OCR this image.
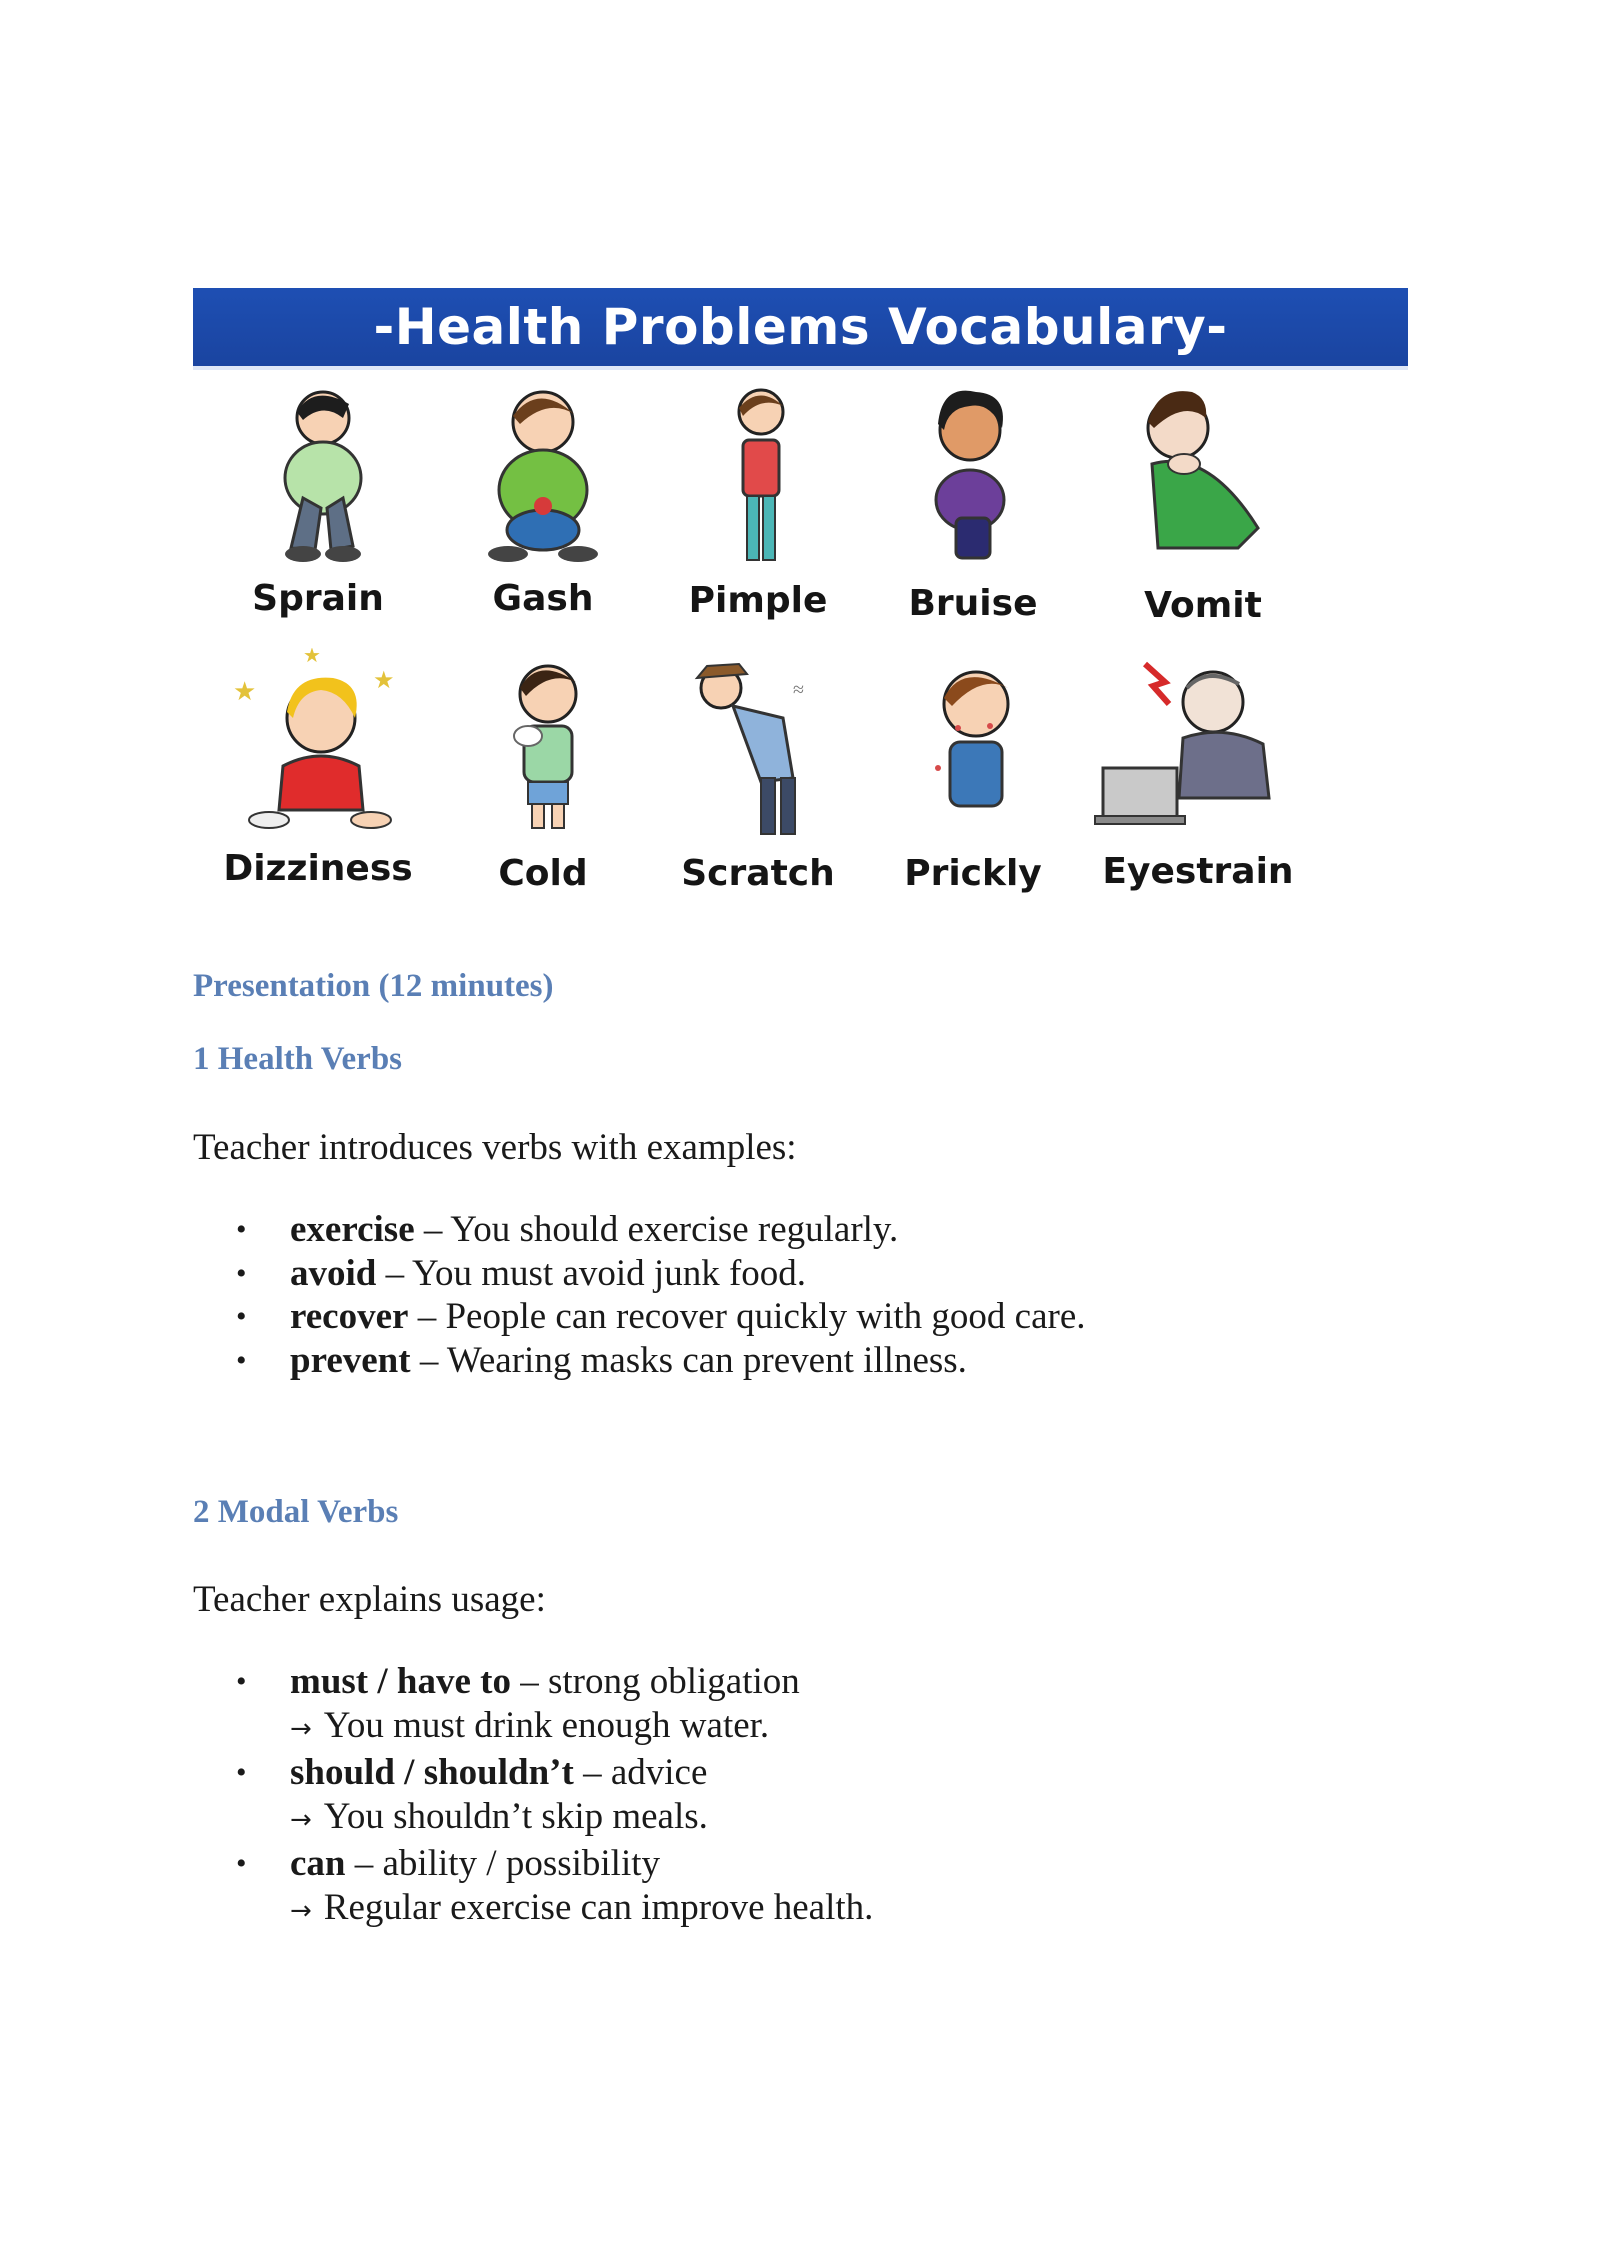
-Health Problems Vocabulary-
Sprain	Gash	Pimple	Bruise	Vomit
★	★
★
Dizziness	Cold
≈
Scratch	Prickly	Eyestrain
Presentation (12 minutes)
1 Health Verbs

Teacher introduces verbs with examples:

• exercise – You should exercise regularly.
• avoid – You must avoid junk food.
• recover – People can recover quickly with good care.
• prevent – Wearing masks can prevent illness.
2 Modal Verbs

Teacher explains usage:

• must / have to – strong obligation
→ You must drink enough water.
• should / shouldn’t – advice
→ You shouldn’t skip meals.
• can – ability / possibility
→ Regular exercise can improve health.
